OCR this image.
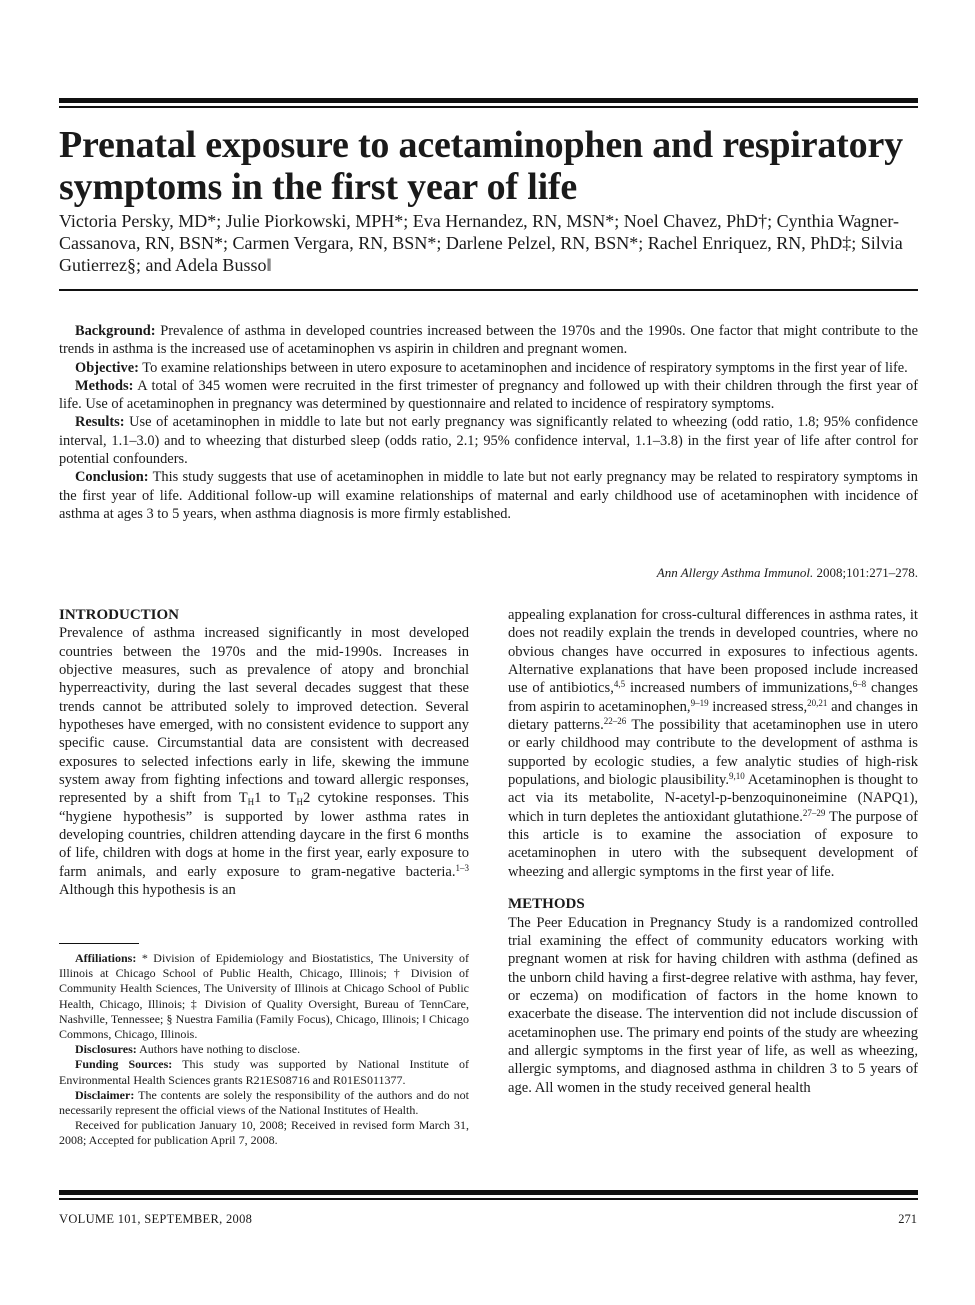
Prenatal exposure to acetaminophen and respiratory symptoms in the first year of life
Victoria Persky, MD*; Julie Piorkowski, MPH*; Eva Hernandez, RN, MSN*; Noel Chavez, PhD†; Cynthia Wagner-Cassanova, RN, BSN*; Carmen Vergara, RN, BSN*; Darlene Pelzel, RN, BSN*; Rachel Enriquez, RN, PhD‡; Silvia Gutierrez§; and Adela Busso‖

Background: Prevalence of asthma in developed countries increased between the 1970s and the 1990s. One factor that might contribute to the trends in asthma is the increased use of acetaminophen vs aspirin in children and pregnant women.

Objective: To examine relationships between in utero exposure to acetaminophen and incidence of respiratory symptoms in the first year of life.

Methods: A total of 345 women were recruited in the first trimester of pregnancy and followed up with their children through the first year of life. Use of acetaminophen in pregnancy was determined by questionnaire and related to incidence of respiratory symptoms.

Results: Use of acetaminophen in middle to late but not early pregnancy was significantly related to wheezing (odd ratio, 1.8; 95% confidence interval, 1.1–3.0) and to wheezing that disturbed sleep (odds ratio, 2.1; 95% confidence interval, 1.1–3.8) in the first year of life after control for potential confounders.

Conclusion: This study suggests that use of acetaminophen in middle to late but not early pregnancy may be related to respiratory symptoms in the first year of life. Additional follow-up will examine relationships of maternal and early childhood use of acetaminophen with incidence of asthma at ages 3 to 5 years, when asthma diagnosis is more firmly established.

Ann Allergy Asthma Immunol. 2008;101:271–278.
INTRODUCTION

Prevalence of asthma increased significantly in most developed countries between the 1970s and the mid-1990s. Increases in objective measures, such as prevalence of atopy and bronchial hyperreactivity, during the last several decades suggest that these trends cannot be attributed solely to improved detection. Several hypotheses have emerged, with no consistent evidence to support any specific cause. Circumstantial data are consistent with decreased exposures to selected infections early in life, skewing the immune system away from fighting infections and toward allergic responses, represented by a shift from $T_H1$ to $T_H2$ cytokine responses. This “hygiene hypothesis” is supported by lower asthma rates in developing countries, children attending daycare in the first 6 months of life, children with dogs at home in the first year, early exposure to farm animals, and early exposure to gram-negative bacteria.$^{1-3}$ Although this hypothesis is an

Affiliations: * Division of Epidemiology and Biostatistics, The University of Illinois at Chicago School of Public Health, Chicago, Illinois; † Division of Community Health Sciences, The University of Illinois at Chicago School of Public Health, Chicago, Illinois; ‡ Division of Quality Oversight, Bureau of TennCare, Nashville, Tennessee; § Nuestra Familia (Family Focus), Chicago, Illinois; ‖ Chicago Commons, Chicago, Illinois.

Disclosures: Authors have nothing to disclose.

Funding Sources: This study was supported by National Institute of Environmental Health Sciences grants R21ES08716 and R01ES011377.

Disclaimer: The contents are solely the responsibility of the authors and do not necessarily represent the official views of the National Institutes of Health.

Received for publication January 10, 2008; Received in revised form March 31, 2008; Accepted for publication April 7, 2008.

appealing explanation for cross-cultural differences in asthma rates, it does not readily explain the trends in developed countries, where no obvious changes have occurred in exposures to infectious agents. Alternative explanations that have been proposed include increased use of antibiotics,$^{4,5}$ increased numbers of immunizations,$^{6-8}$ changes from aspirin to acetaminophen,$^{9-19}$ increased stress,$^{20,21}$ and changes in dietary patterns.$^{22-26}$ The possibility that acetaminophen use in utero or early childhood may contribute to the development of asthma is supported by ecologic studies, a few analytic studies of high-risk populations, and biologic plausibility.$^{9,10}$ Acetaminophen is thought to act via its metabolite, N-acetyl-p-benzoquinoneimine (NAPQ1), which in turn depletes the antioxidant glutathione.$^{27-29}$ The purpose of this article is to examine the association of exposure to acetaminophen in utero with the subsequent development of wheezing and allergic symptoms in the first year of life.

METHODS

The Peer Education in Pregnancy Study is a randomized controlled trial examining the effect of community educators working with pregnant women at risk for having children with asthma (defined as the unborn child having a first-degree relative with asthma, hay fever, or eczema) on modification of factors in the home known to exacerbate the disease. The intervention did not include discussion of acetaminophen use. The primary end points of the study are wheezing and allergic symptoms in the first year of life, as well as wheezing, allergic symptoms, and diagnosed asthma in children 3 to 5 years of age. All women in the study received general health

VOLUME 101, SEPTEMBER, 2008	271
